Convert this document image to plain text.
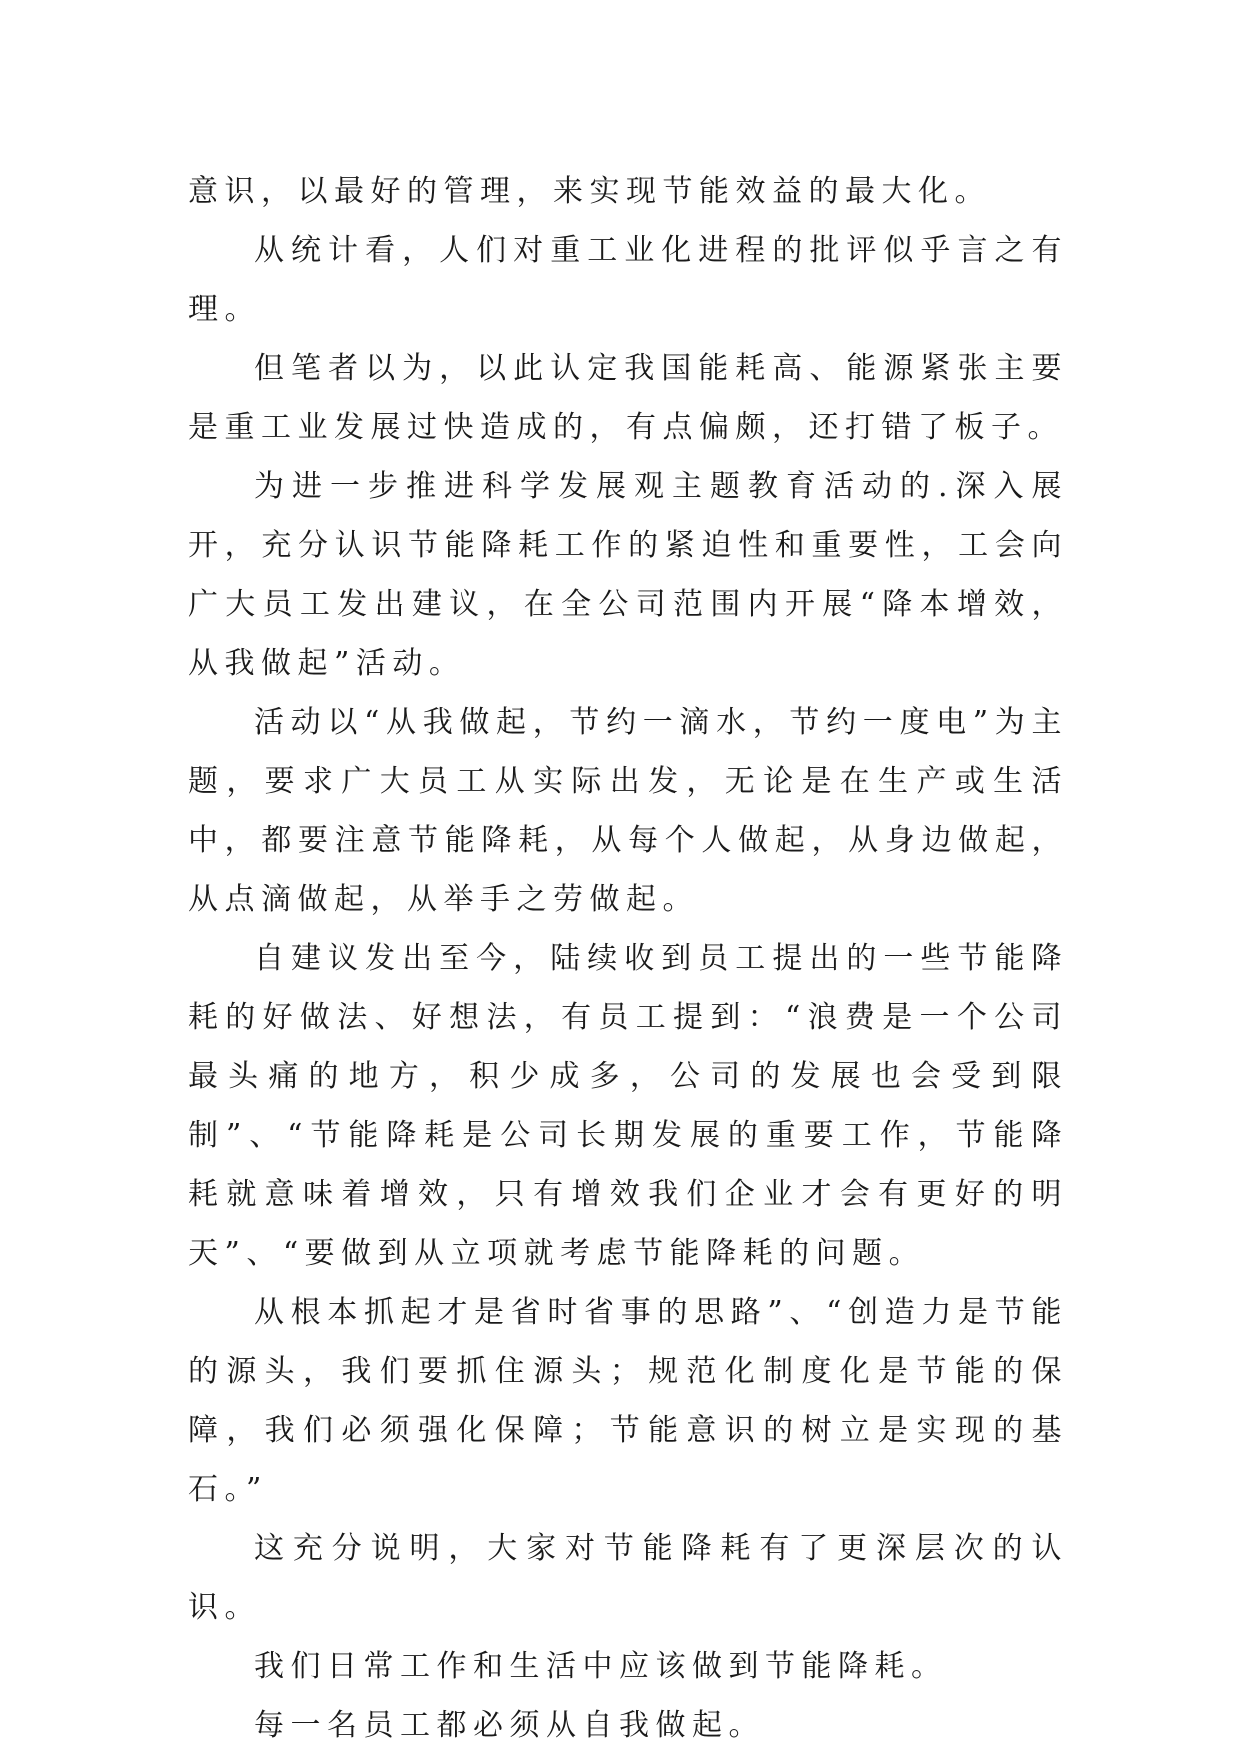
意识，以最好的管理，来实现节能效益的最大化。

从统计看，人们对重工业化进程的批评似乎言之有理。

但笔者以为，以此认定我国能耗高、能源紧张主要是重工业发展过快造成的，有点偏颇，还打错了板子。

为进一步推进科学发展观主题教育活动的.深入展开，充分认识节能降耗工作的紧迫性和重要性，工会向广大员工发出建议，在全公司范围内开展“降本增效，从我做起”活动。

活动以“从我做起，节约一滴水，节约一度电”为主题，要求广大员工从实际出发，无论是在生产或生活中，都要注意节能降耗，从每个人做起，从身边做起，从点滴做起，从举手之劳做起。

自建议发出至今，陆续收到员工提出的一些节能降耗的好做法、好想法，有员工提到：“浪费是一个公司最头痛的地方，积少成多，公司的发展也会受到限制”、“节能降耗是公司长期发展的重要工作，节能降耗就意味着增效，只有增效我们企业才会有更好的明天”、“要做到从立项就考虑节能降耗的问题。

从根本抓起才是省时省事的思路”、“创造力是节能的源头，我们要抓住源头；规范化制度化是节能的保障，我们必须强化保障；节能意识的树立是实现的基石。”

这充分说明，大家对节能降耗有了更深层次的认识。

我们日常工作和生活中应该做到节能降耗。

每一名员工都必须从自我做起。
